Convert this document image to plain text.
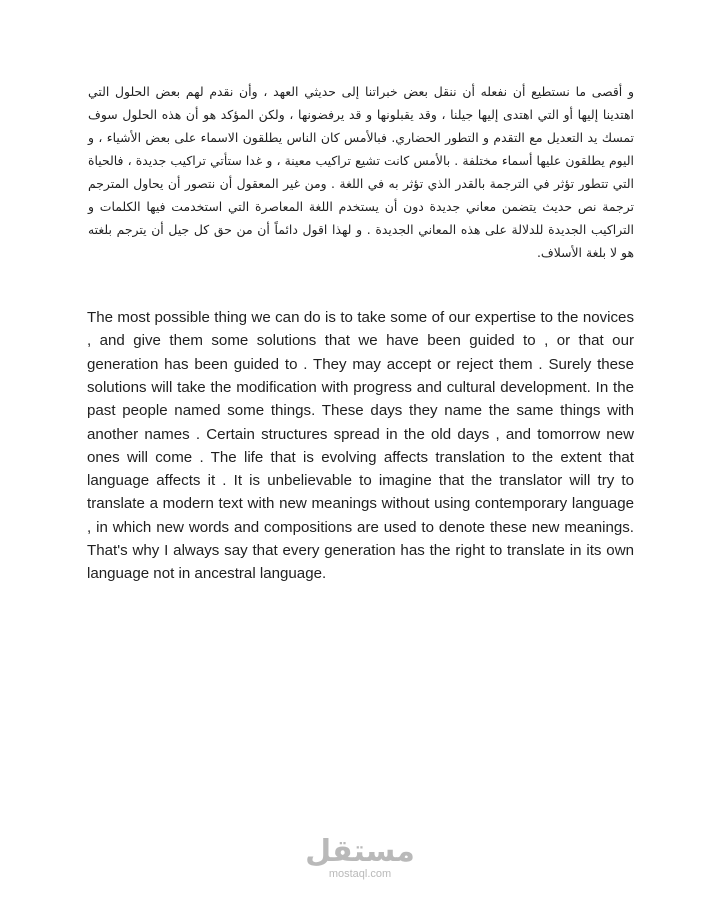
و أقصى ما نستطيع أن نفعله أن ننقل بعض خبراتنا إلى حديثي العهد ، وأن نقدم لهم بعض الحلول التي اهتدينا إليها أو التي اهتدى إليها جيلنا ، وقد يقبلونها و قد يرفضونها ، ولكن المؤكد هو أن هذه الحلول سوف تمسك يد التعديل مع التقدم و التطور الحضاري. فبالأمس كان الناس يطلقون الاسماء على بعض الأشياء ، و اليوم يطلقون عليها أسماء مختلفة . بالأمس كانت تشيع تراكيب معينة ، و غدا ستأتي تراكيب جديدة ، فالحياة التي تتطور تؤثر في الترجمة بالقدر الذي تؤثر به في اللغة . ومن غير المعقول أن نتصور أن يحاول المترجم ترجمة نص حديث يتضمن معاني جديدة دون أن يستخدم اللغة المعاصرة التي استخدمت فيها الكلمات و التراكيب الجديدة للدلالة على هذه المعاني الجديدة . و لهذا اقول دائماً أن من حق كل جيل أن يترجم بلغته هو لا بلغة الأسلاف.

The most possible thing we can do is to take some of our expertise to the novices , and give them some solutions that we have been guided to , or that our generation has been guided to . They may accept or reject them . Surely these solutions will take the modification with progress and cultural development. In the past people named some things. These days they name the same things with another names . Certain structures spread in the old days , and tomorrow new ones will come . The life that is evolving affects translation to the extent that language affects it . It is unbelievable to imagine that the translator will try to translate a modern text with new meanings without using contemporary language , in which new words and compositions are used to denote these new meanings. That's why I always say that every generation has the right to translate in its own language not in ancestral language.

مستقل
mostaql.com
